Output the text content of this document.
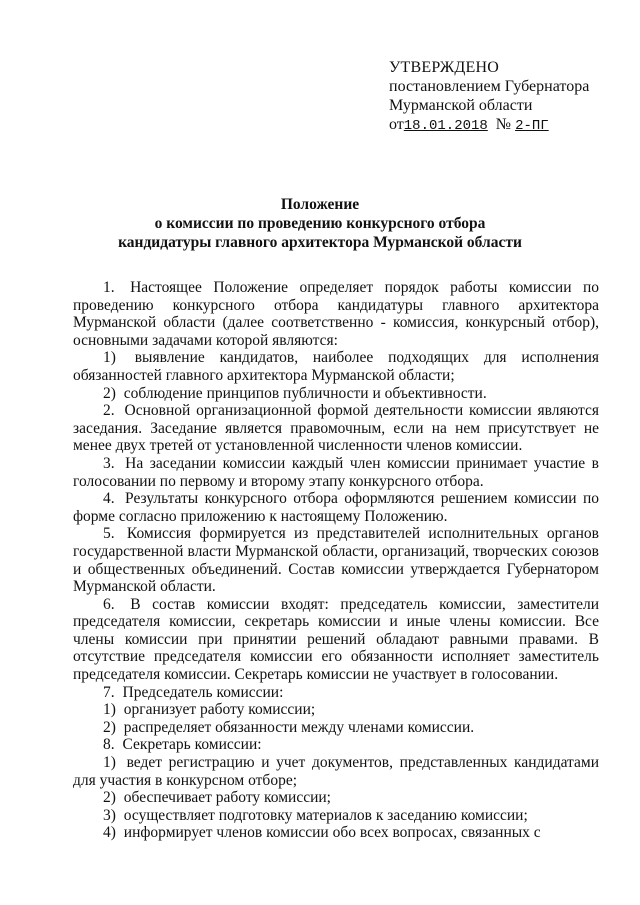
УТВЕРЖДЕНО
постановлением Губернатора
Мурманской области
от18.01.2018 № 2-ПГ
Положение
о комиссии по проведению конкурсного отбора
кандидатуры главного архитектора Мурманской области

1. Настоящее Положение определяет порядок работы комиссии по проведению конкурсного отбора кандидатуры главного архитектора Мурманской области (далее соответственно - комиссия, конкурсный отбор), основными задачами которой являются:

1) выявление кандидатов, наиболее подходящих для исполнения обязанностей главного архитектора Мурманской области;

2) соблюдение принципов публичности и объективности.

2. Основной организационной формой деятельности комиссии являются заседания. Заседание является правомочным, если на нем присутствует не менее двух третей от установленной численности членов комиссии.

3. На заседании комиссии каждый член комиссии принимает участие в голосовании по первому и второму этапу конкурсного отбора.

4. Результаты конкурсного отбора оформляются решением комиссии по форме согласно приложению к настоящему Положению.

5. Комиссия формируется из представителей исполнительных органов государственной власти Мурманской области, организаций, творческих союзов и общественных объединений. Состав комиссии утверждается Губернатором Мурманской области.

6. В состав комиссии входят: председатель комиссии, заместители председателя комиссии, секретарь комиссии и иные члены комиссии. Все члены комиссии при принятии решений обладают равными правами. В отсутствие председателя комиссии его обязанности исполняет заместитель председателя комиссии. Секретарь комиссии не участвует в голосовании.

7. Председатель комиссии:

1) организует работу комиссии;

2) распределяет обязанности между членами комиссии.

8. Секретарь комиссии:

1) ведет регистрацию и учет документов, представленных кандидатами для участия в конкурсном отборе;

2) обеспечивает работу комиссии;

3) осуществляет подготовку материалов к заседанию комиссии;

4) информирует членов комиссии обо всех вопросах, связанных с
